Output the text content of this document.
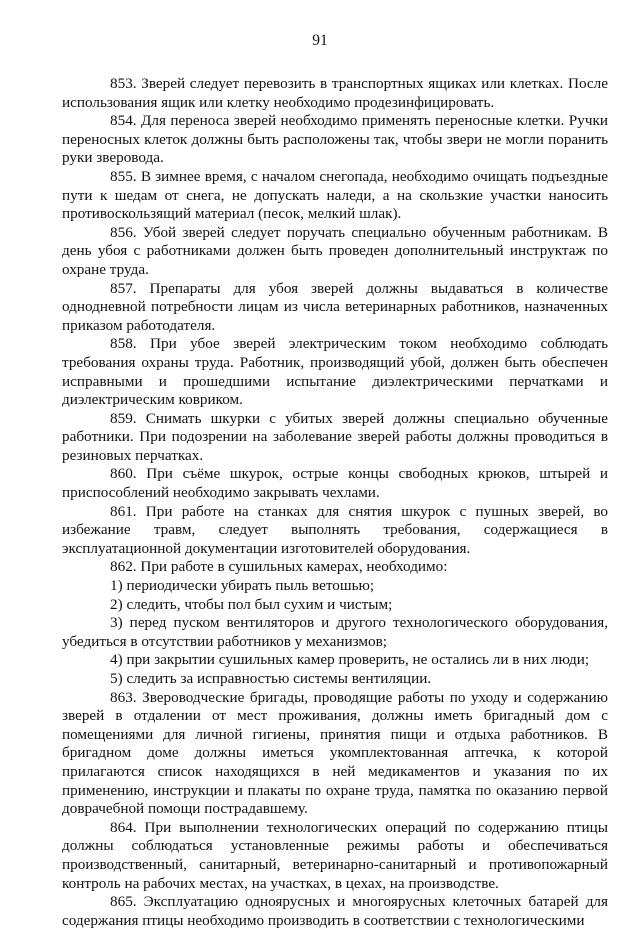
91

853. Зверей следует перевозить в транспортных ящиках или клетках. После использования ящик или клетку необходимо продезинфицировать.

854. Для переноса зверей необходимо применять переносные клетки. Ручки переносных клеток должны быть расположены так, чтобы звери не могли поранить руки зверовода.

855. В зимнее время, с началом снегопада, необходимо очищать подъездные пути к шедам от снега, не допускать наледи, а на скользкие участки наносить противоскользящий материал (песок, мелкий шлак).

856. Убой зверей следует поручать специально обученным работникам. В день убоя с работниками должен быть проведен дополнительный инструктаж по охране труда.

857. Препараты для убоя зверей должны выдаваться в количестве однодневной потребности лицам из числа ветеринарных работников, назначенных приказом работодателя.

858. При убое зверей электрическим током необходимо соблюдать требования охраны труда. Работник, производящий убой, должен быть обеспечен исправными и прошедшими испытание диэлектрическими перчатками и диэлектрическим ковриком.

859. Снимать шкурки с убитых зверей должны специально обученные работники. При подозрении на заболевание зверей работы должны проводиться в резиновых перчатках.

860. При съёме шкурок, острые концы свободных крюков, штырей и приспособлений необходимо закрывать чехлами.

861. При работе на станках для снятия шкурок с пушных зверей, во избежание травм, следует выполнять требования, содержащиеся в эксплуатационной документации изготовителей оборудования.

862. При работе в сушильных камерах, необходимо:

1) периодически убирать пыль ветошью;

2) следить, чтобы пол был сухим и чистым;

3) перед пуском вентиляторов и другого технологического оборудования, убедиться в отсутствии работников у механизмов;

4) при закрытии сушильных камер проверить, не остались ли в них люди;

5) следить за исправностью системы вентиляции.

863. Звероводческие бригады, проводящие работы по уходу и содержанию зверей в отдалении от мест проживания, должны иметь бригадный дом с помещениями для личной гигиены, принятия пищи и отдыха работников. В бригадном доме должны иметься укомплектованная аптечка, к которой прилагаются список находящихся в ней медикаментов и указания по их применению, инструкции и плакаты по охране труда, памятка по оказанию первой доврачебной помощи пострадавшему.

864. При выполнении технологических операций по содержанию птицы должны соблюдаться установленные режимы работы и обеспечиваться производственный, санитарный, ветеринарно-санитарный и противопожарный контроль на рабочих местах, на участках, в цехах, на производстве.

865. Эксплуатацию одноярусных и многоярусных клеточных батарей для содержания птицы необходимо производить в соответствии с технологическими
